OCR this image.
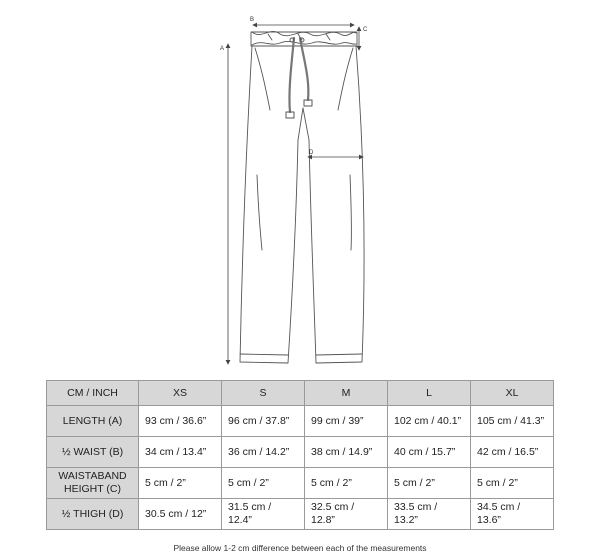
A
B
C
D
CM / INCH	XS	S	M	L	XL
LENGTH (A)	93 cm / 36.6”	96 cm / 37.8”	99 cm / 39”	102 cm / 40.1”	105 cm / 41.3”
½ WAIST (B)	34 cm / 13.4”	36 cm / 14.2”	38 cm / 14.9”	40 cm / 15.7”	42 cm / 16.5”
WAISTABAND HEIGHT (C)	5 cm / 2”	5 cm / 2”	5 cm / 2”	5 cm / 2”	5 cm / 2”
½ THIGH (D)	30.5 cm / 12”	31.5 cm / 12.4”	32.5 cm / 12.8”	33.5 cm / 13.2”	34.5 cm / 13.6”
Please allow 1-2 cm difference between each of the measurements
